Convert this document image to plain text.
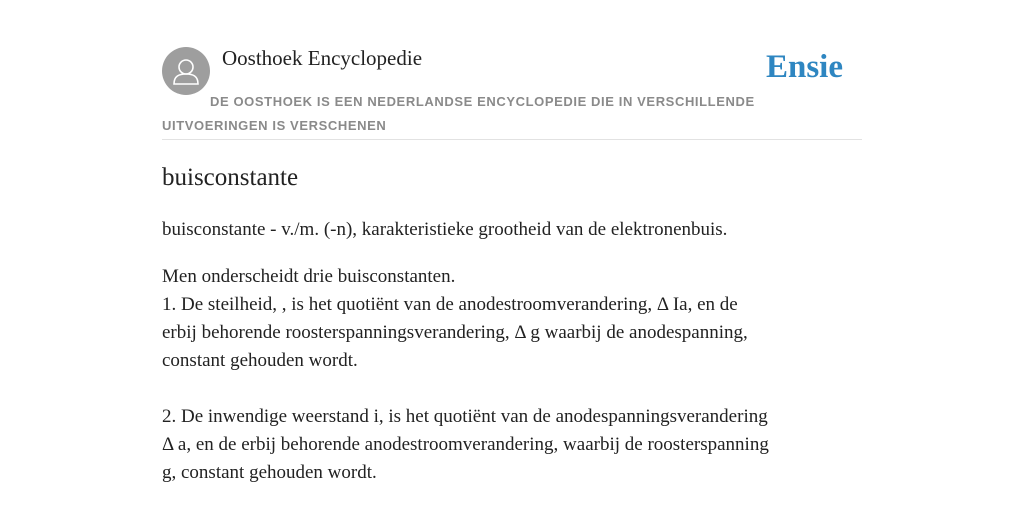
Oosthoek Encyclopedie	Ensie
DE OOSTHOEK IS EEN NEDERLANDSE ENCYCLOPEDIE DIE IN VERSCHILLENDE UITVOERINGEN IS VERSCHENEN
buisconstante

buisconstante - v./m. (-n), karakteristieke grootheid van de elektronenbuis.

Men onderscheidt drie buisconstanten.
1. De steilheid, , is het quotiënt van de anodestroomverandering, Δ Ia, en de
erbij behorende roosterspanningsverandering, Δ g waarbij de anodespanning,
constant gehouden wordt.
2. De inwendige weerstand i, is het quotiënt van de anodespanningsverandering
Δ a, en de erbij behorende anodestroomverandering, waarbij de roosterspanning
g, constant gehouden wordt.
